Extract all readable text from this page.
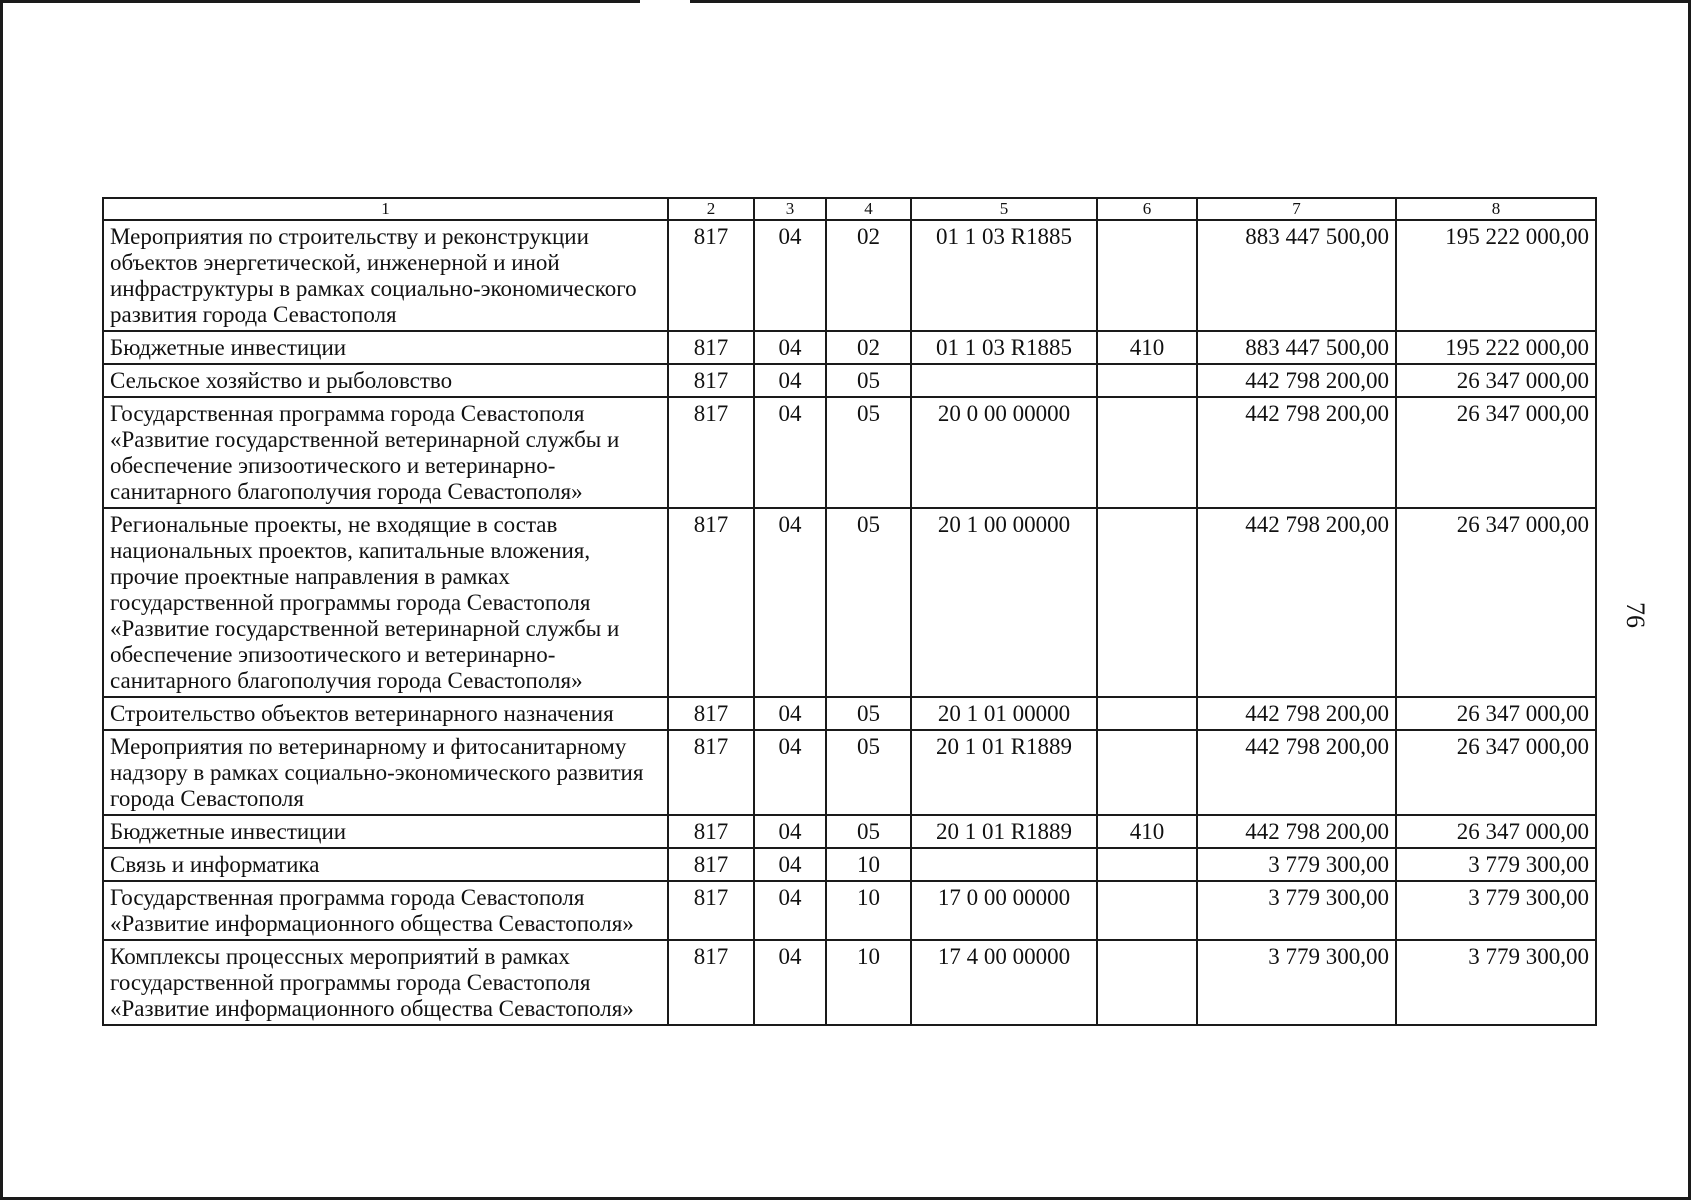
1	2	3	4	5	6	7	8
Мероприятия по строительству и реконструкции объектов энергетической, инженерной и иной инфраструктуры в рамках социально-экономического развития города Севастополя	817	04	02	01 1 03 R1885		883 447 500,00	195 222 000,00
Бюджетные инвестиции	817	04	02	01 1 03 R1885	410	883 447 500,00	195 222 000,00
Сельское хозяйство и рыболовство	817	04	05			442 798 200,00	26 347 000,00
Государственная программа города Севастополя «Развитие государственной ветеринарной службы и обеспечение эпизоотического и ветеринарно-санитарного благополучия города Севастополя»	817	04	05	20 0 00 00000		442 798 200,00	26 347 000,00
Региональные проекты, не входящие в состав национальных проектов, капитальные вложения, прочие проектные направления в рамках государственной программы города Севастополя «Развитие государственной ветеринарной службы и обеспечение эпизоотического и ветеринарно-санитарного благополучия города Севастополя»	817	04	05	20 1 00 00000		442 798 200,00	26 347 000,00
Строительство объектов ветеринарного назначения	817	04	05	20 1 01 00000		442 798 200,00	26 347 000,00
Мероприятия по ветеринарному и фитосанитарному надзору в рамках социально-экономического развития города Севастополя	817	04	05	20 1 01 R1889		442 798 200,00	26 347 000,00
Бюджетные инвестиции	817	04	05	20 1 01 R1889	410	442 798 200,00	26 347 000,00
Связь и информатика	817	04	10			3 779 300,00	3 779 300,00
Государственная программа города Севастополя «Развитие информационного общества Севастополя»	817	04	10	17 0 00 00000		3 779 300,00	3 779 300,00
Комплексы процессных мероприятий в рамках государственной программы города Севастополя «Развитие информационного общества Севастополя»	817	04	10	17 4 00 00000		3 779 300,00	3 779 300,00
76
